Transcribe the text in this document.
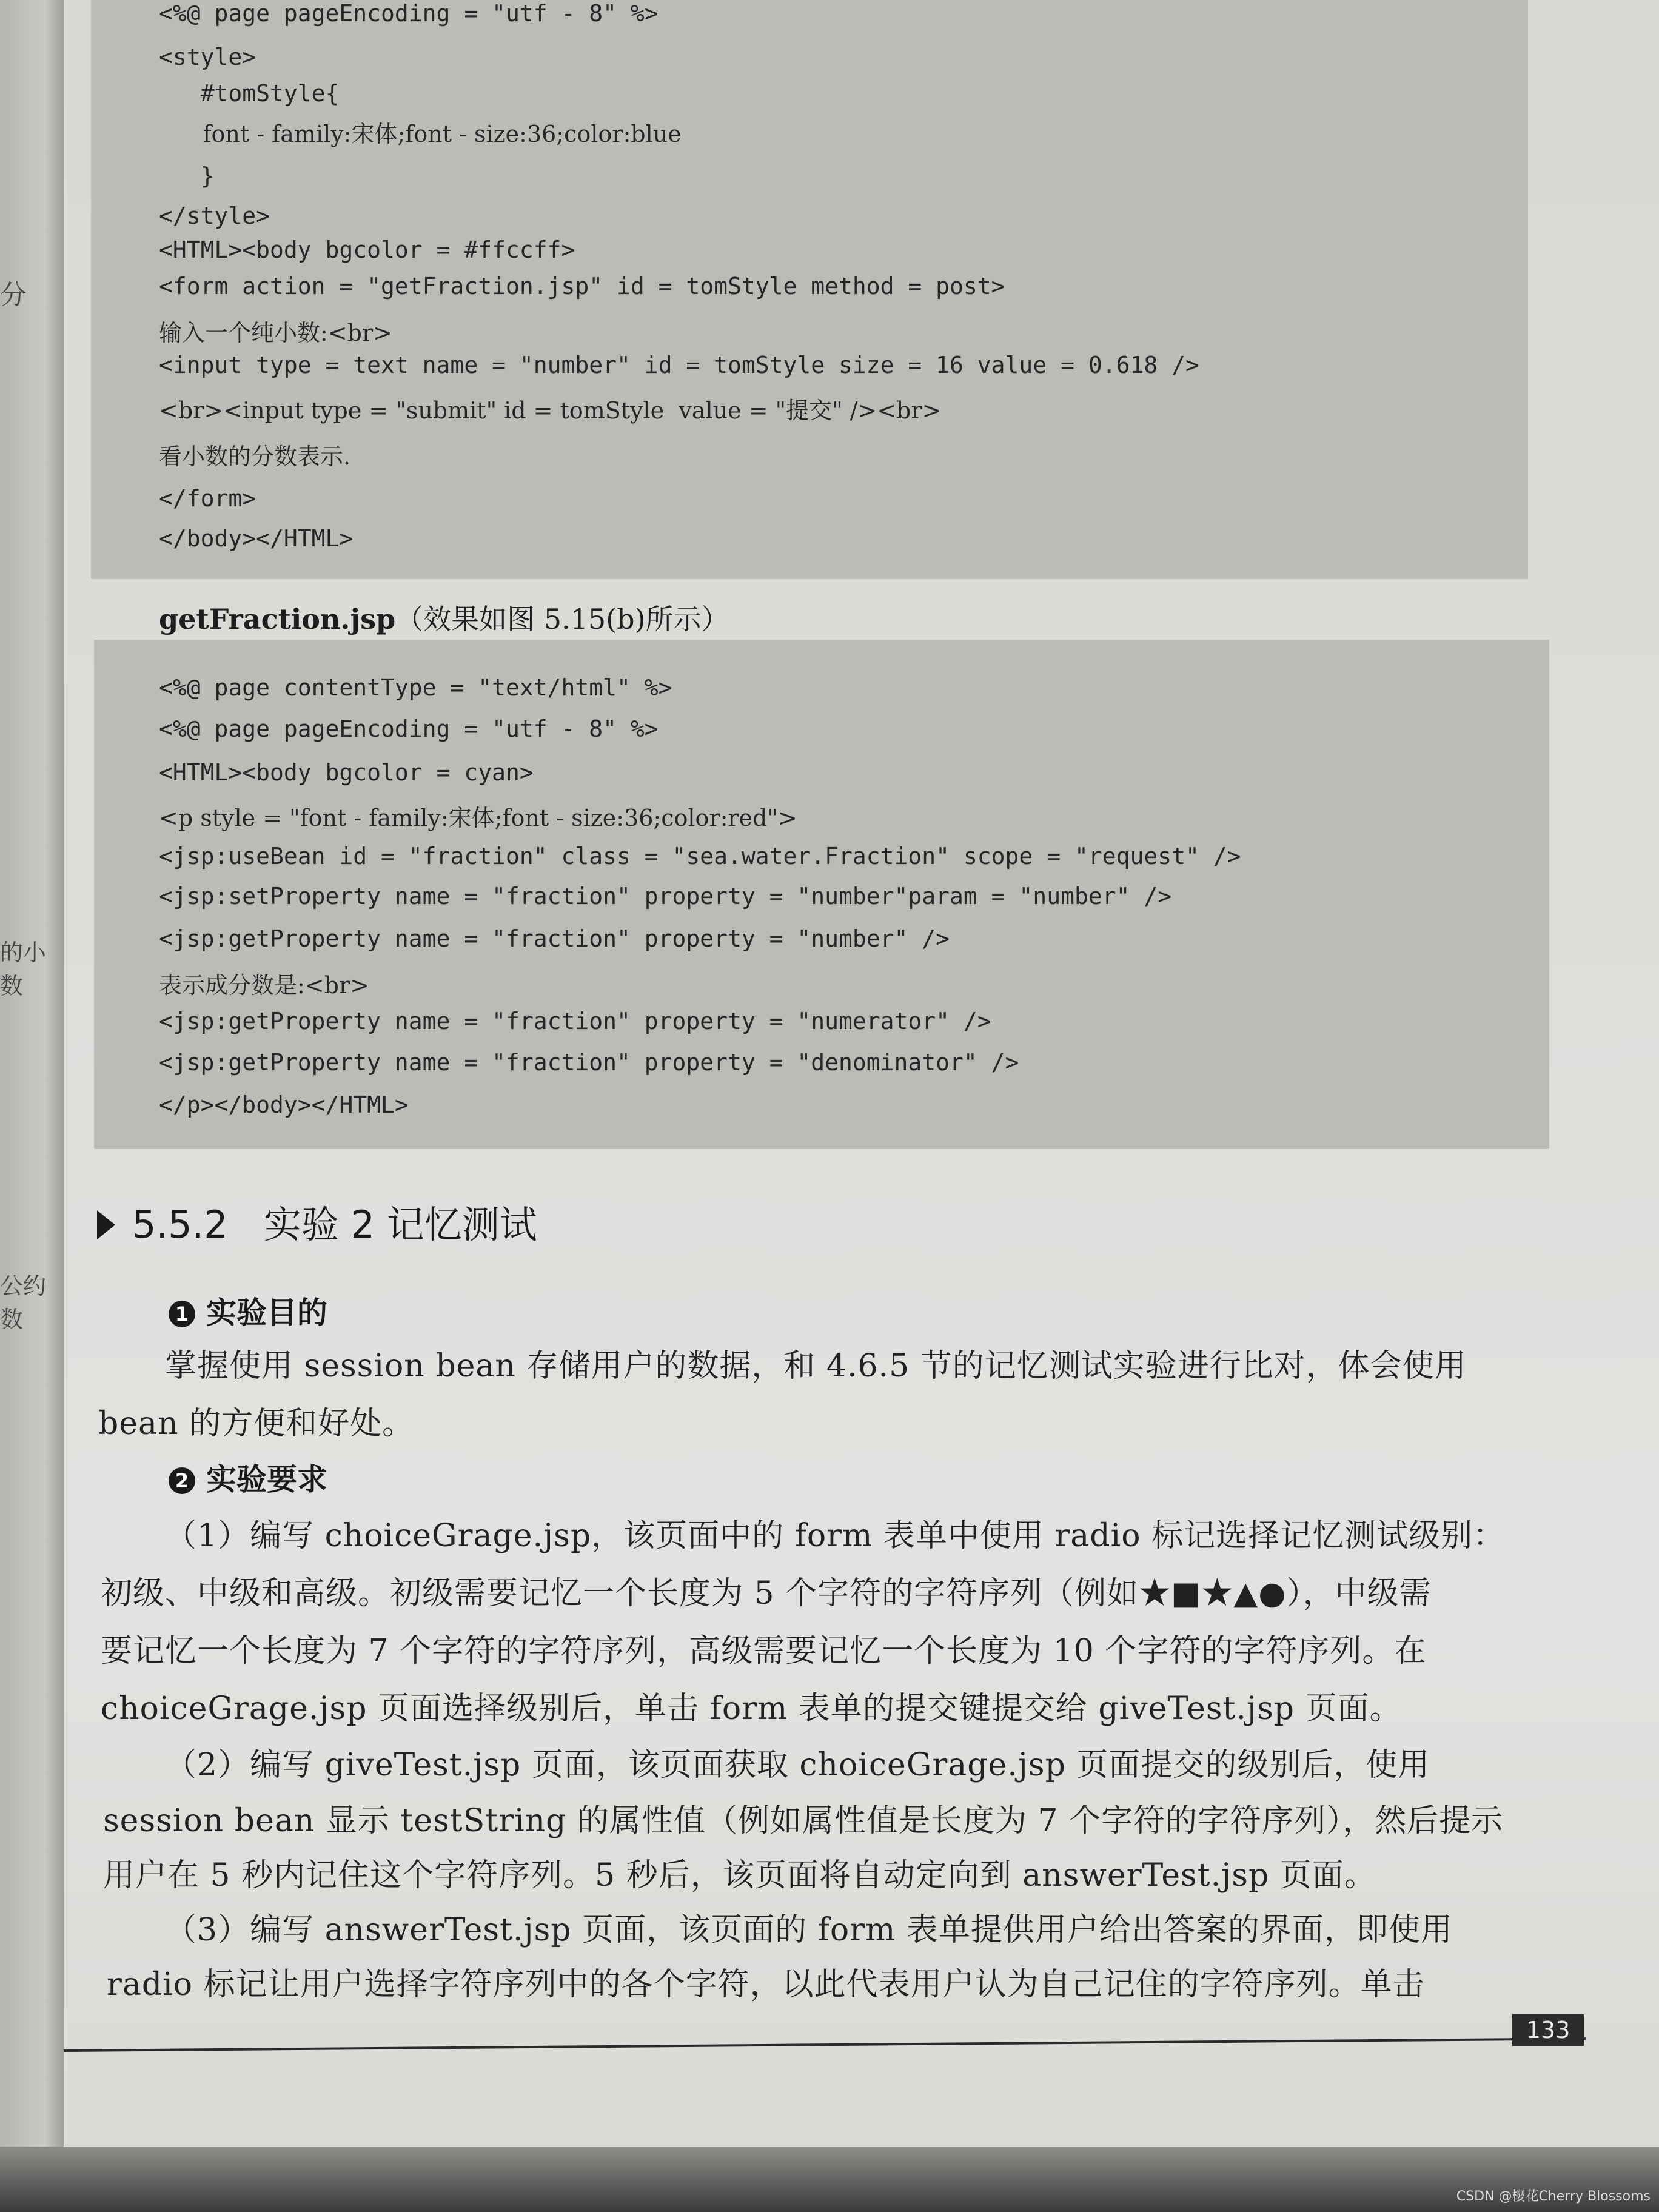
分
的小数
公约数
<%@ page pageEncoding = "utf - 8" %>
<style>
#tomStyle{
font - family:宋体;font - size:36;color:blue
}
</style>
<HTML><body bgcolor = #ffccff>
<form action = "getFraction.jsp" id = tomStyle method = post>
输入一个纯小数:<br>
<input type = text name = "number" id = tomStyle size = 16 value = 0.618 />
<br><input type = "submit" id = tomStyle  value = "提交" /><br>
看小数的分数表示.
</form>
</body></HTML>
getFraction.jsp（效果如图 5.15(b)所示）
<%@ page contentType = "text/html" %>
<%@ page pageEncoding = "utf - 8" %>
<HTML><body bgcolor = cyan>
<p style = "font - family:宋体;font - size:36;color:red">
<jsp:useBean id = "fraction" class = "sea.water.Fraction" scope = "request" />
<jsp:setProperty name = "fraction" property = "number"param = "number" />
<jsp:getProperty name = "fraction" property = "number" />
表示成分数是:<br>
<jsp:getProperty name = "fraction" property = "numerator" />
<jsp:getProperty name = "fraction" property = "denominator" />
</p></body></HTML>
5.5.2 实验 2 记忆测试
1 实验目的
掌握使用 session bean 存储用户的数据，和 4.6.5 节的记忆测试实验进行比对，体会使用
bean 的方便和好处。
2 实验要求
（1）编写 choiceGrage.jsp，该页面中的 form 表单中使用 radio 标记选择记忆测试级别：
初级、中级和高级。初级需要记忆一个长度为 5 个字符的字符序列（例如★■★▲●），中级需
要记忆一个长度为 7 个字符的字符序列，高级需要记忆一个长度为 10 个字符的字符序列。在
choiceGrage.jsp 页面选择级别后，单击 form 表单的提交键提交给 giveTest.jsp 页面。
（2）编写 giveTest.jsp 页面，该页面获取 choiceGrage.jsp 页面提交的级别后，使用
session bean 显示 testString 的属性值（例如属性值是长度为 7 个字符的字符序列），然后提示
用户在 5 秒内记住这个字符序列。5 秒后，该页面将自动定向到 answerTest.jsp 页面。
（3）编写 answerTest.jsp 页面，该页面的 form 表单提供用户给出答案的界面，即使用
radio 标记让用户选择字符序列中的各个字符，以此代表用户认为自己记住的字符序列。单击
133
CSDN @樱花Cherry Blossoms
